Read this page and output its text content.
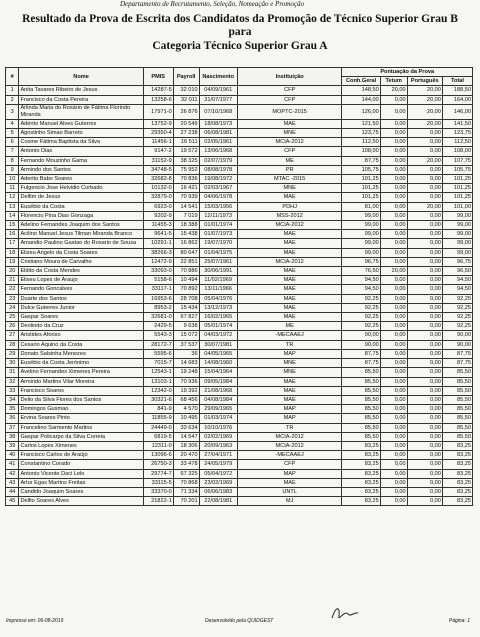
Departamento de Recrutamento, Seleção, Nomeação e Promoção
Resultado da Prova de Escrita dos Candidatos da Promoção de Técnico Superior Grau B
para
Categoria Técnico Superior Grau A
#	Nome	PMIS	Payroll	Nascimento	Instituição	Pontuação da Prova			
						Conh.Geral	Tetum	Português	Total
1	Anita Tavares Ribeiro de Jesus	14287-5	32 010	04/09/1961	CFP	148,50	20,00	20,00	188,50
2	Francisco da Costa Pereira	13258-6	32 011	31/07/1977	CFP	144,00	0,00	20,00	164,00
3	Arlinda Maria do Rosário de Fátima Florindo Miranda	17971-0	26 876	07/10/1968	MOPTC-2015	126,00	0,00	20,00	146,00
4	Adérito Manuel Alves Guterres	13752-9	20 549	18/08/1973	MAE	121,50	0,00	20,00	141,50
5	Agostinho Simao Barreto	29350-4	27 238	06/08/1981	MNE	123,75	0,00	0,00	123,75
6	Cosme Fátima Baptista da Silva	11456-1	16 511	02/05/1961	MCIA-2012	112,50	0,00	0,00	112,50
7	Antonio Dias	9147-2	19 572	13/06/1968	CFP	108,00	0,00	0,00	108,00
8	Fernando Mouzinho Gama	31152-9	38 325	02/07/1979	ME	87,75	0,00	20,00	107,75
9	Armindo dos Santos	34748-5	75 952	08/08/1978	PR	105,75	0,00	0,00	105,75
10	Aderito Babo Soares	32682-8	70 836	19/08/1972	MTAC -2015	101,25	0,00	0,00	101,25
11	Fulgencio Jose Helvidio Corbado	10132-0	16 421	02/03/1967	MNE	101,25	0,00	0,00	101,25
12	Delfim de Jesus	32879-0	70 939	04/06/1978	MAE	101,25	0,00	0,00	101,25
13	Eusébio da Costa	6923-0	14 541	15/03/1956	PDHJ	81,00	0,00	20,00	101,00
14	Florencio Pina Dias Gonzaga	9202-9	7 019	12/11/1973	MSS-2012	99,00	0,00	0,00	99,00
15	Adelino Fernandes Joaquim dos Santos	11455-3	18 388	01/01/1974	MCIA-2012	99,00	0,00	0,00	99,00
16	Acilino Manuel Jesus Tilman Miranda Branco	9641-5	15 438	01/07/1973	MAE	99,00	0,00	0,00	99,00
17	Amandio Paulino Gastao do Rosario de Sousa	10291-1	16 862	19/07/1970	MAE	99,00	0,00	0,00	99,00
18	Elizeu Angelo da Costa Soares	38266-3	80 647	01/04/1975	MAE	99,00	0,00	0,00	99,00
19	Cristiano Moura de Carvalho	12472-9	22 851	25/07/1961	MCIA-2012	96,75	0,00	0,00	96,75
20	Eldito da Costa Mendes	33093-0	70 886	30/06/1991	MAE	76,50	20,00	0,00	96,50
21	Eliseu Lopes de Araujo	5158-6	10 494	11/02/1969	MAE	94,50	0,00	0,00	94,50
22	Fernando Goncalves	33117-1	70 892	13/11/1966	MAE	94,50	0,00	0,00	94,50
23	Duarte dos Santos	16953-6	28 708	05/04/1976	MAE	92,25	0,00	0,00	92,25
24	Dulce Guterres Junior	8953-2	15 434	13/12/1973	MAE	92,25	0,00	0,00	92,25
25	Gaspar Soares	32681-0	67 827	16/02/1965	MAE	92,25	0,00	0,00	92,25
26	Deolindo da Cruz	2429-5	9 638	05/01/1974	ME	92,25	0,00	0,00	92,25
27	Aristides Afonso	5543-3	15 072	04/03/1972	-MECAAEJ	90,00	0,00	0,00	90,00
28	Cesario Aquino da Costa	28172-7	37 537	30/07/1981	TR	90,00	0,00	0,00	90,00
29	Donato Salsinha Menezes	5595-6	36	04/05/1965	MAP	87,75	0,00	0,00	87,75
30	Eusébio da Costa Jerónimo	7015-7	14 683	14/08/1960	MNE	87,75	0,00	0,00	87,75
31	Avelino Fernandes Ximenes Pereira	12543-1	19 248	15/04/1964	MNE	85,50	0,00	0,00	85,50
32	Armindo Martins Vilar Moreira	13103-1	70 936	09/05/1984	MAE	85,50	0,00	0,00	85,50
33	Francisco Soares	12342-0	19 392	21/08/1968	MAE	85,50	0,00	0,00	85,50
34	Delio da Silva Flores dos Santos	30321-6	68 456	04/08/1984	MAE	85,50	0,00	0,00	85,50
35	Domingos Gusmao	841-9	4 570	29/09/1965	MAP	85,50	0,00	0,00	85,50
36	Ervina Soares Pinto	11855-9	10 495	01/03/1974	MAP	85,50	0,00	0,00	85,50
37	Francelino Sarmento Martins	24449-0	33 634	10/10/1976	TR	85,50	0,00	0,00	85,50
38	Gaspar Policarpo da Silva Correia	6819-5	14 547	02/02/1969	MCIA-2012	85,50	0,00	0,00	85,50
39	Carlos Lopes Ximenes	12311-0	18 306	20/09/1963	MCIA-2012	83,25	0,00	0,00	83,25
40	Francisco Carlos de Araújo	13096-6	20 470	27/04/1971	-MECAAEJ	83,25	0,00	0,00	83,25
41	Constantino Corado	26750-3	33 478	24/05/1979	CFP	83,25	0,00	0,00	83,25
42	Antonio Vicente Daci Lelo	29774-7	67 325	05/04/1972	MAP	83,25	0,00	0,00	83,25
43	Artur Egas Martins Freitas	33115-5	70 868	23/02/1969	MAE	83,25	0,00	0,00	83,25
44	Candido Joaquim Soares	33370-0	71 334	06/06/1983	UNTL	83,25	0,00	0,00	83,25
45	Delfio Soares Alves	21822-1	70 201	22/08/1981	MJ	83,25	0,00	0,00	83,25
Impresso em: 06-08-2019	Desenvolvido pela QUIDGEST	Página: 1
